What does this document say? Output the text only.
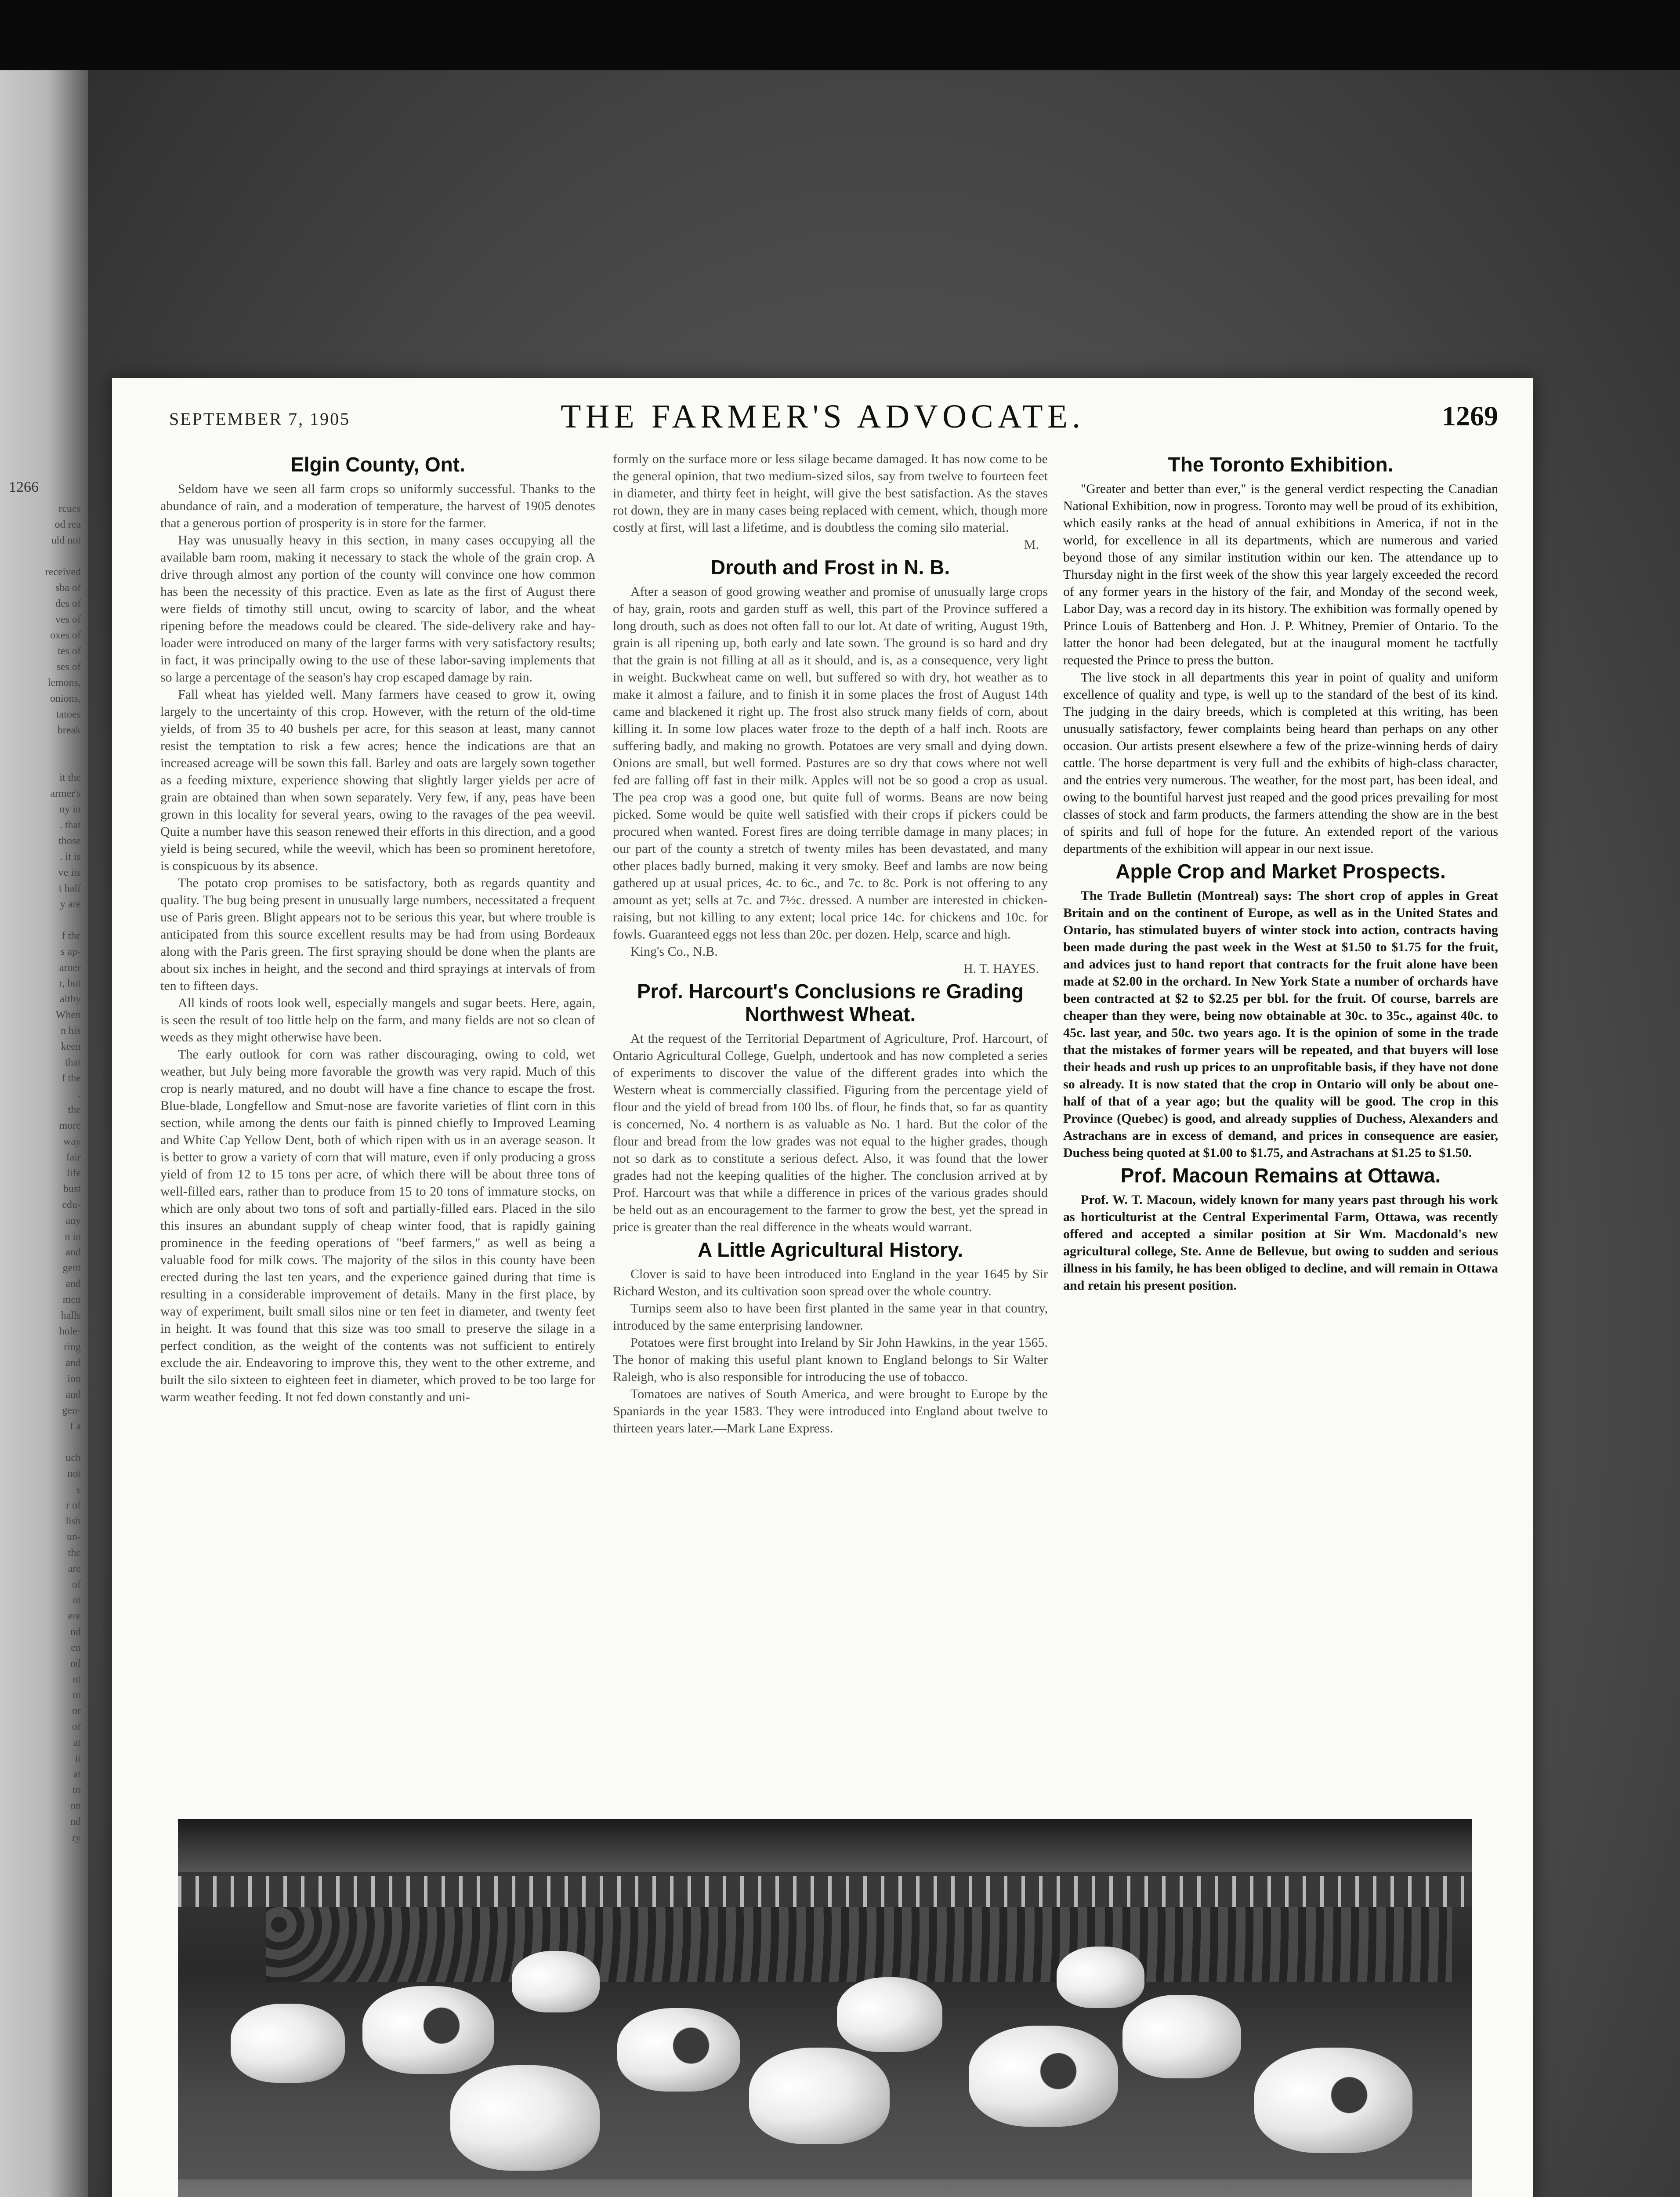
1266
rcues
od rea
uld not

received
sba of
des of
ves of
oxes of
tes of
ses of
lemons,
onions,
tatoes
break

it the
armer's
ny in
. that
those
. it is
ve its
t half
y are

f the
s ap-
arner
r, but
althy
When
n his
keen
that
f the
.
the
more
way
fair
life
bust
edu-
any
n in
and
gent
and
men
halls
hole-
ring
and
ion
and
gen-
f a

uch
not
s
r of
lish
un-
the
are
of
nt
ere
nd
en
nd
nt
to
or
of
at
it
at
to
on
nd
ry
SEPTEMBER 7, 1905	THE FARMER'S ADVOCATE.	1269
Elgin County, Ont.

Seldom have we seen all farm crops so uniformly successful. Thanks to the abundance of rain, and a moderation of temperature, the harvest of 1905 denotes that a generous portion of prosperity is in store for the farmer.

Hay was unusually heavy in this section, in many cases occupying all the available barn room, making it necessary to stack the whole of the grain crop. A drive through almost any portion of the county will convince one how common has been the necessity of this practice. Even as late as the first of August there were fields of timothy still uncut, owing to scarcity of labor, and the wheat ripening before the meadows could be cleared. The side-delivery rake and hay-loader were introduced on many of the larger farms with very satisfactory results; in fact, it was principally owing to the use of these labor-saving implements that so large a percentage of the season's hay crop escaped damage by rain.

Fall wheat has yielded well. Many farmers have ceased to grow it, owing largely to the uncertainty of this crop. However, with the return of the old-time yields, of from 35 to 40 bushels per acre, for this season at least, many cannot resist the temptation to risk a few acres; hence the indications are that an increased acreage will be sown this fall. Barley and oats are largely sown together as a feeding mixture, experience showing that slightly larger yields per acre of grain are obtained than when sown separately. Very few, if any, peas have been grown in this locality for several years, owing to the ravages of the pea weevil. Quite a number have this season renewed their efforts in this direction, and a good yield is being secured, while the weevil, which has been so prominent heretofore, is conspicuous by its absence.

The potato crop promises to be satisfactory, both as regards quantity and quality. The bug being present in unusually large numbers, necessitated a frequent use of Paris green. Blight appears not to be serious this year, but where trouble is anticipated from this source excellent results may be had from using Bordeaux along with the Paris green. The first spraying should be done when the plants are about six inches in height, and the second and third sprayings at intervals of from ten to fifteen days.

All kinds of roots look well, especially mangels and sugar beets. Here, again, is seen the result of too little help on the farm, and many fields are not so clean of weeds as they might otherwise have been.

The early outlook for corn was rather discouraging, owing to cold, wet weather, but July being more favorable the growth was very rapid. Much of this crop is nearly matured, and no doubt will have a fine chance to escape the frost. Blue-blade, Longfellow and Smut-nose are favorite varieties of flint corn in this section, while among the dents our faith is pinned chiefly to Improved Leaming and White Cap Yellow Dent, both of which ripen with us in an average season. It is better to grow a variety of corn that will mature, even if only producing a gross yield of from 12 to 15 tons per acre, of which there will be about three tons of well-filled ears, rather than to produce from 15 to 20 tons of immature stocks, on which are only about two tons of soft and partially-filled ears. Placed in the silo this insures an abundant supply of cheap winter food, that is rapidly gaining prominence in the feeding operations of "beef farmers," as well as being a valuable food for milk cows. The majority of the silos in this county have been erected during the last ten years, and the experience gained during that time is resulting in a considerable improvement of details. Many in the first place, by way of experiment, built small silos nine or ten feet in diameter, and twenty feet in height. It was found that this size was too small to preserve the silage in a perfect condition, as the weight of the contents was not sufficient to entirely exclude the air. Endeavoring to improve this, they went to the other extreme, and built the silo sixteen to eighteen feet in diameter, which proved to be too large for warm weather feeding. It not fed down constantly and uni-

formly on the surface more or less silage became damaged. It has now come to be the general opinion, that two medium-sized silos, say from twelve to fourteen feet in diameter, and thirty feet in height, will give the best satisfaction. As the staves rot down, they are in many cases being replaced with cement, which, though more costly at first, will last a lifetime, and is doubtless the coming silo material.

M.

Drouth and Frost in N. B.

After a season of good growing weather and promise of unusually large crops of hay, grain, roots and garden stuff as well, this part of the Province suffered a long drouth, such as does not often fall to our lot. At date of writing, August 19th, grain is all ripening up, both early and late sown. The ground is so hard and dry that the grain is not filling at all as it should, and is, as a consequence, very light in weight. Buckwheat came on well, but suffered so with dry, hot weather as to make it almost a failure, and to finish it in some places the frost of August 14th came and blackened it right up. The frost also struck many fields of corn, about killing it. In some low places water froze to the depth of a half inch. Roots are suffering badly, and making no growth. Potatoes are very small and dying down. Onions are small, but well formed. Pastures are so dry that cows where not well fed are falling off fast in their milk. Apples will not be so good a crop as usual. The pea crop was a good one, but quite full of worms. Beans are now being picked. Some would be quite well satisfied with their crops if pickers could be procured when wanted. Forest fires are doing terrible damage in many places; in our part of the county a stretch of twenty miles has been devastated, and many other places badly burned, making it very smoky. Beef and lambs are now being gathered up at usual prices, 4c. to 6c., and 7c. to 8c. Pork is not offering to any amount as yet; sells at 7c. and 7½c. dressed. A number are interested in chicken-raising, but not killing to any extent; local price 14c. for chickens and 10c. for fowls. Guaranteed eggs not less than 20c. per dozen. Help, scarce and high.

King's Co., N.B.

H. T. HAYES.

Prof. Harcourt's Conclusions re Grading Northwest Wheat.

At the request of the Territorial Department of Agriculture, Prof. Harcourt, of Ontario Agricultural College, Guelph, undertook and has now completed a series of experiments to discover the value of the different grades into which the Western wheat is commercially classified. Figuring from the percentage yield of flour and the yield of bread from 100 lbs. of flour, he finds that, so far as quantity is concerned, No. 4 northern is as valuable as No. 1 hard. But the color of the flour and bread from the low grades was not equal to the higher grades, though not so dark as to constitute a serious defect. Also, it was found that the lower grades had not the keeping qualities of the higher. The conclusion arrived at by Prof. Harcourt was that while a difference in prices of the various grades should be held out as an encouragement to the farmer to grow the best, yet the spread in price is greater than the real difference in the wheats would warrant.

A Little Agricultural History.

Clover is said to have been introduced into England in the year 1645 by Sir Richard Weston, and its cultivation soon spread over the whole country.

Turnips seem also to have been first planted in the same year in that country, introduced by the same enterprising landowner.

Potatoes were first brought into Ireland by Sir John Hawkins, in the year 1565. The honor of making this useful plant known to England belongs to Sir Walter Raleigh, who is also responsible for introducing the use of tobacco.

Tomatoes are natives of South America, and were brought to Europe by the Spaniards in the year 1583. They were introduced into England about twelve to thirteen years later.—Mark Lane Express.

The Toronto Exhibition.

"Greater and better than ever," is the general verdict respecting the Canadian National Exhibition, now in progress. Toronto may well be proud of its exhibition, which easily ranks at the head of annual exhibitions in America, if not in the world, for excellence in all its departments, which are numerous and varied beyond those of any similar institution within our ken. The attendance up to Thursday night in the first week of the show this year largely exceeded the record of any former years in the history of the fair, and Monday of the second week, Labor Day, was a record day in its history. The exhibition was formally opened by Prince Louis of Battenberg and Hon. J. P. Whitney, Premier of Ontario. To the latter the honor had been delegated, but at the inaugural moment he tactfully requested the Prince to press the button.

The live stock in all departments this year in point of quality and uniform excellence of quality and type, is well up to the standard of the best of its kind. The judging in the dairy breeds, which is completed at this writing, has been unusually satisfactory, fewer complaints being heard than perhaps on any other occasion. Our artists present elsewhere a few of the prize-winning herds of dairy cattle. The horse department is very full and the exhibits of high-class character, and the entries very numerous. The weather, for the most part, has been ideal, and owing to the bountiful harvest just reaped and the good prices prevailing for most classes of stock and farm products, the farmers attending the show are in the best of spirits and full of hope for the future. An extended report of the various departments of the exhibition will appear in our next issue.

Apple Crop and Market Prospects.

The Trade Bulletin (Montreal) says: The short crop of apples in Great Britain and on the continent of Europe, as well as in the United States and Ontario, has stimulated buyers of winter stock into action, contracts having been made during the past week in the West at $1.50 to $1.75 for the fruit, and advices just to hand report that contracts for the fruit alone have been made at $2.00 in the orchard. In New York State a number of orchards have been contracted at $2 to $2.25 per bbl. for the fruit. Of course, barrels are cheaper than they were, being now obtainable at 30c. to 35c., against 40c. to 45c. last year, and 50c. two years ago. It is the opinion of some in the trade that the mistakes of former years will be repeated, and that buyers will lose their heads and rush up prices to an unprofitable basis, if they have not done so already. It is now stated that the crop in Ontario will only be about one-half of that of a year ago; but the quality will be good. The crop in this Province (Quebec) is good, and already supplies of Duchess, Alexanders and Astrachans are in excess of demand, and prices in consequence are easier, Duchess being quoted at $1.00 to $1.75, and Astrachans at $1.25 to $1.50.

Prof. Macoun Remains at Ottawa.

Prof. W. T. Macoun, widely known for many years past through his work as horticulturist at the Central Experimental Farm, Ottawa, was recently offered and accepted a similar position at Sir Wm. Macdonald's new agricultural college, Ste. Anne de Bellevue, but owing to sudden and serious illness in his family, he has been obliged to decline, and will remain in Ottawa and retain his present position.
